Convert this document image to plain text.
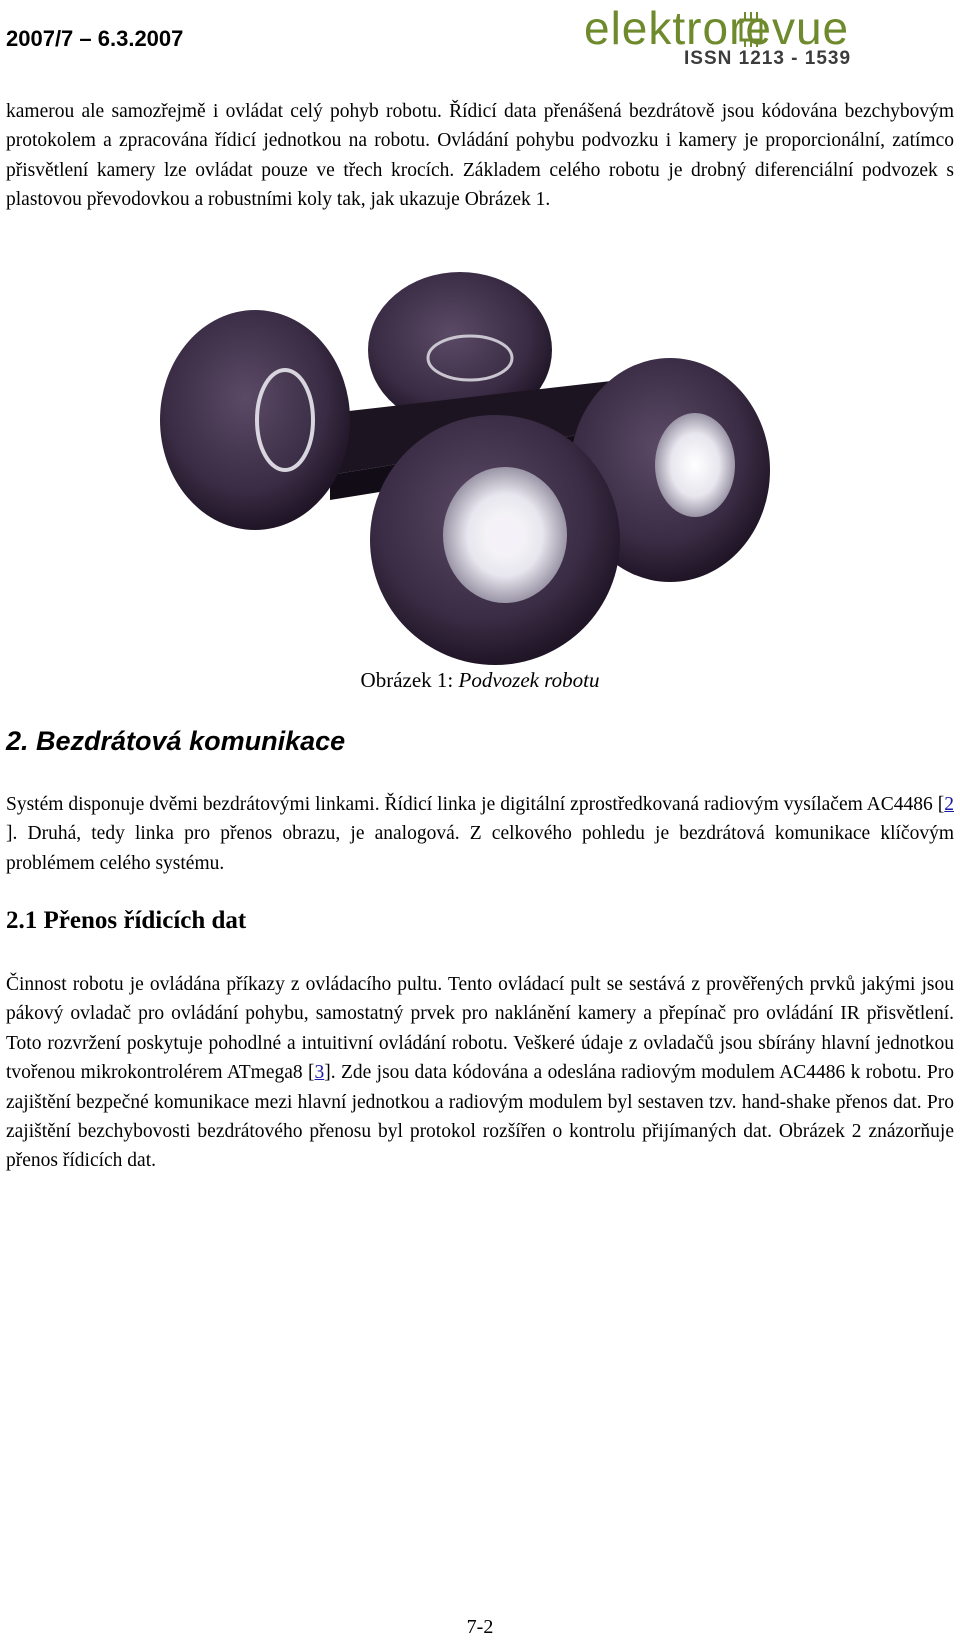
2007/7 – 6.3.2007	elektrorevue
ISSN 1213 - 1539

kamerou ale samozřejmě i ovládat celý pohyb robotu. Řídicí data přenášená bezdrátově jsou kódována bezchybovým protokolem a zpracována řídicí jednotkou na robotu. Ovládání pohybu podvozku i kamery je proporcionální, zatímco přisvětlení kamery lze ovládat pouze ve třech krocích. Základem celého robotu je drobný diferenciální podvozek s plastovou převodovkou a robustními koly tak, jak ukazuje Obrázek 1.

Obrázek 1: Podvozek robotu
2. Bezdrátová komunikace

Systém disponuje dvěmi bezdrátovými linkami. Řídicí linka je digitální zprostředkovaná radiovým vysílačem AC4486 [2 ]. Druhá, tedy linka pro přenos obrazu, je analogová. Z celkového pohledu je bezdrátová komunikace klíčovým problémem celého systému.

2.1 Přenos řídicích dat

Činnost robotu je ovládána příkazy z ovládacího pultu. Tento ovládací pult se sestává z prověřených prvků jakými jsou pákový ovladač pro ovládání pohybu, samostatný prvek pro naklánění kamery a přepínač pro ovládání IR přisvětlení. Toto rozvržení poskytuje pohodlné a intuitivní ovládání robotu. Veškeré údaje z ovladačů jsou sbírány hlavní jednotkou tvořenou mikrokontrolérem ATmega8 [3]. Zde jsou data kódována a odeslána radiovým modulem AC4486 k robotu. Pro zajištění bezpečné komunikace mezi hlavní jednotkou a radiovým modulem byl sestaven tzv. hand-shake přenos dat. Pro zajištění bezchybovosti bezdrátového přenosu byl protokol rozšířen o kontrolu přijímaných dat. Obrázek 2 znázorňuje přenos řídicích dat.

7-2
